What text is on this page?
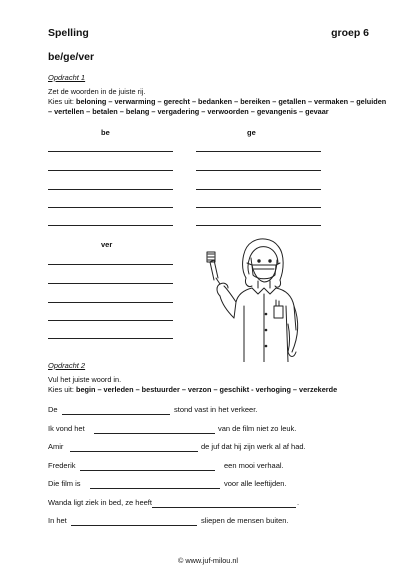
Spelling	groep 6
be/ge/ver
Opdracht 1
Zet de woorden in de juiste rij.
Kies uit: beloning – verwarming – gerecht – bedanken – bereiken – getallen – vermaken – geluiden
– vertellen – betalen – belang – vergadering – verwoorden – gevangenis – gevaar
be	ge
ver
Opdracht 2
Vul het juiste woord in.
Kies uit: begin – verleden – bestuurder – verzon – geschikt - verhoging – verzekerde
De	stond vast in het verkeer.
Ik vond het	van de film niet zo leuk.
Amir	de juf dat hij zijn werk al af had.
Frederik	een mooi verhaal.
Die film is	voor alle leeftijden.
Wanda ligt ziek in bed, ze heeft	.
In het	sliepen de mensen buiten.
© www.juf-milou.nl
